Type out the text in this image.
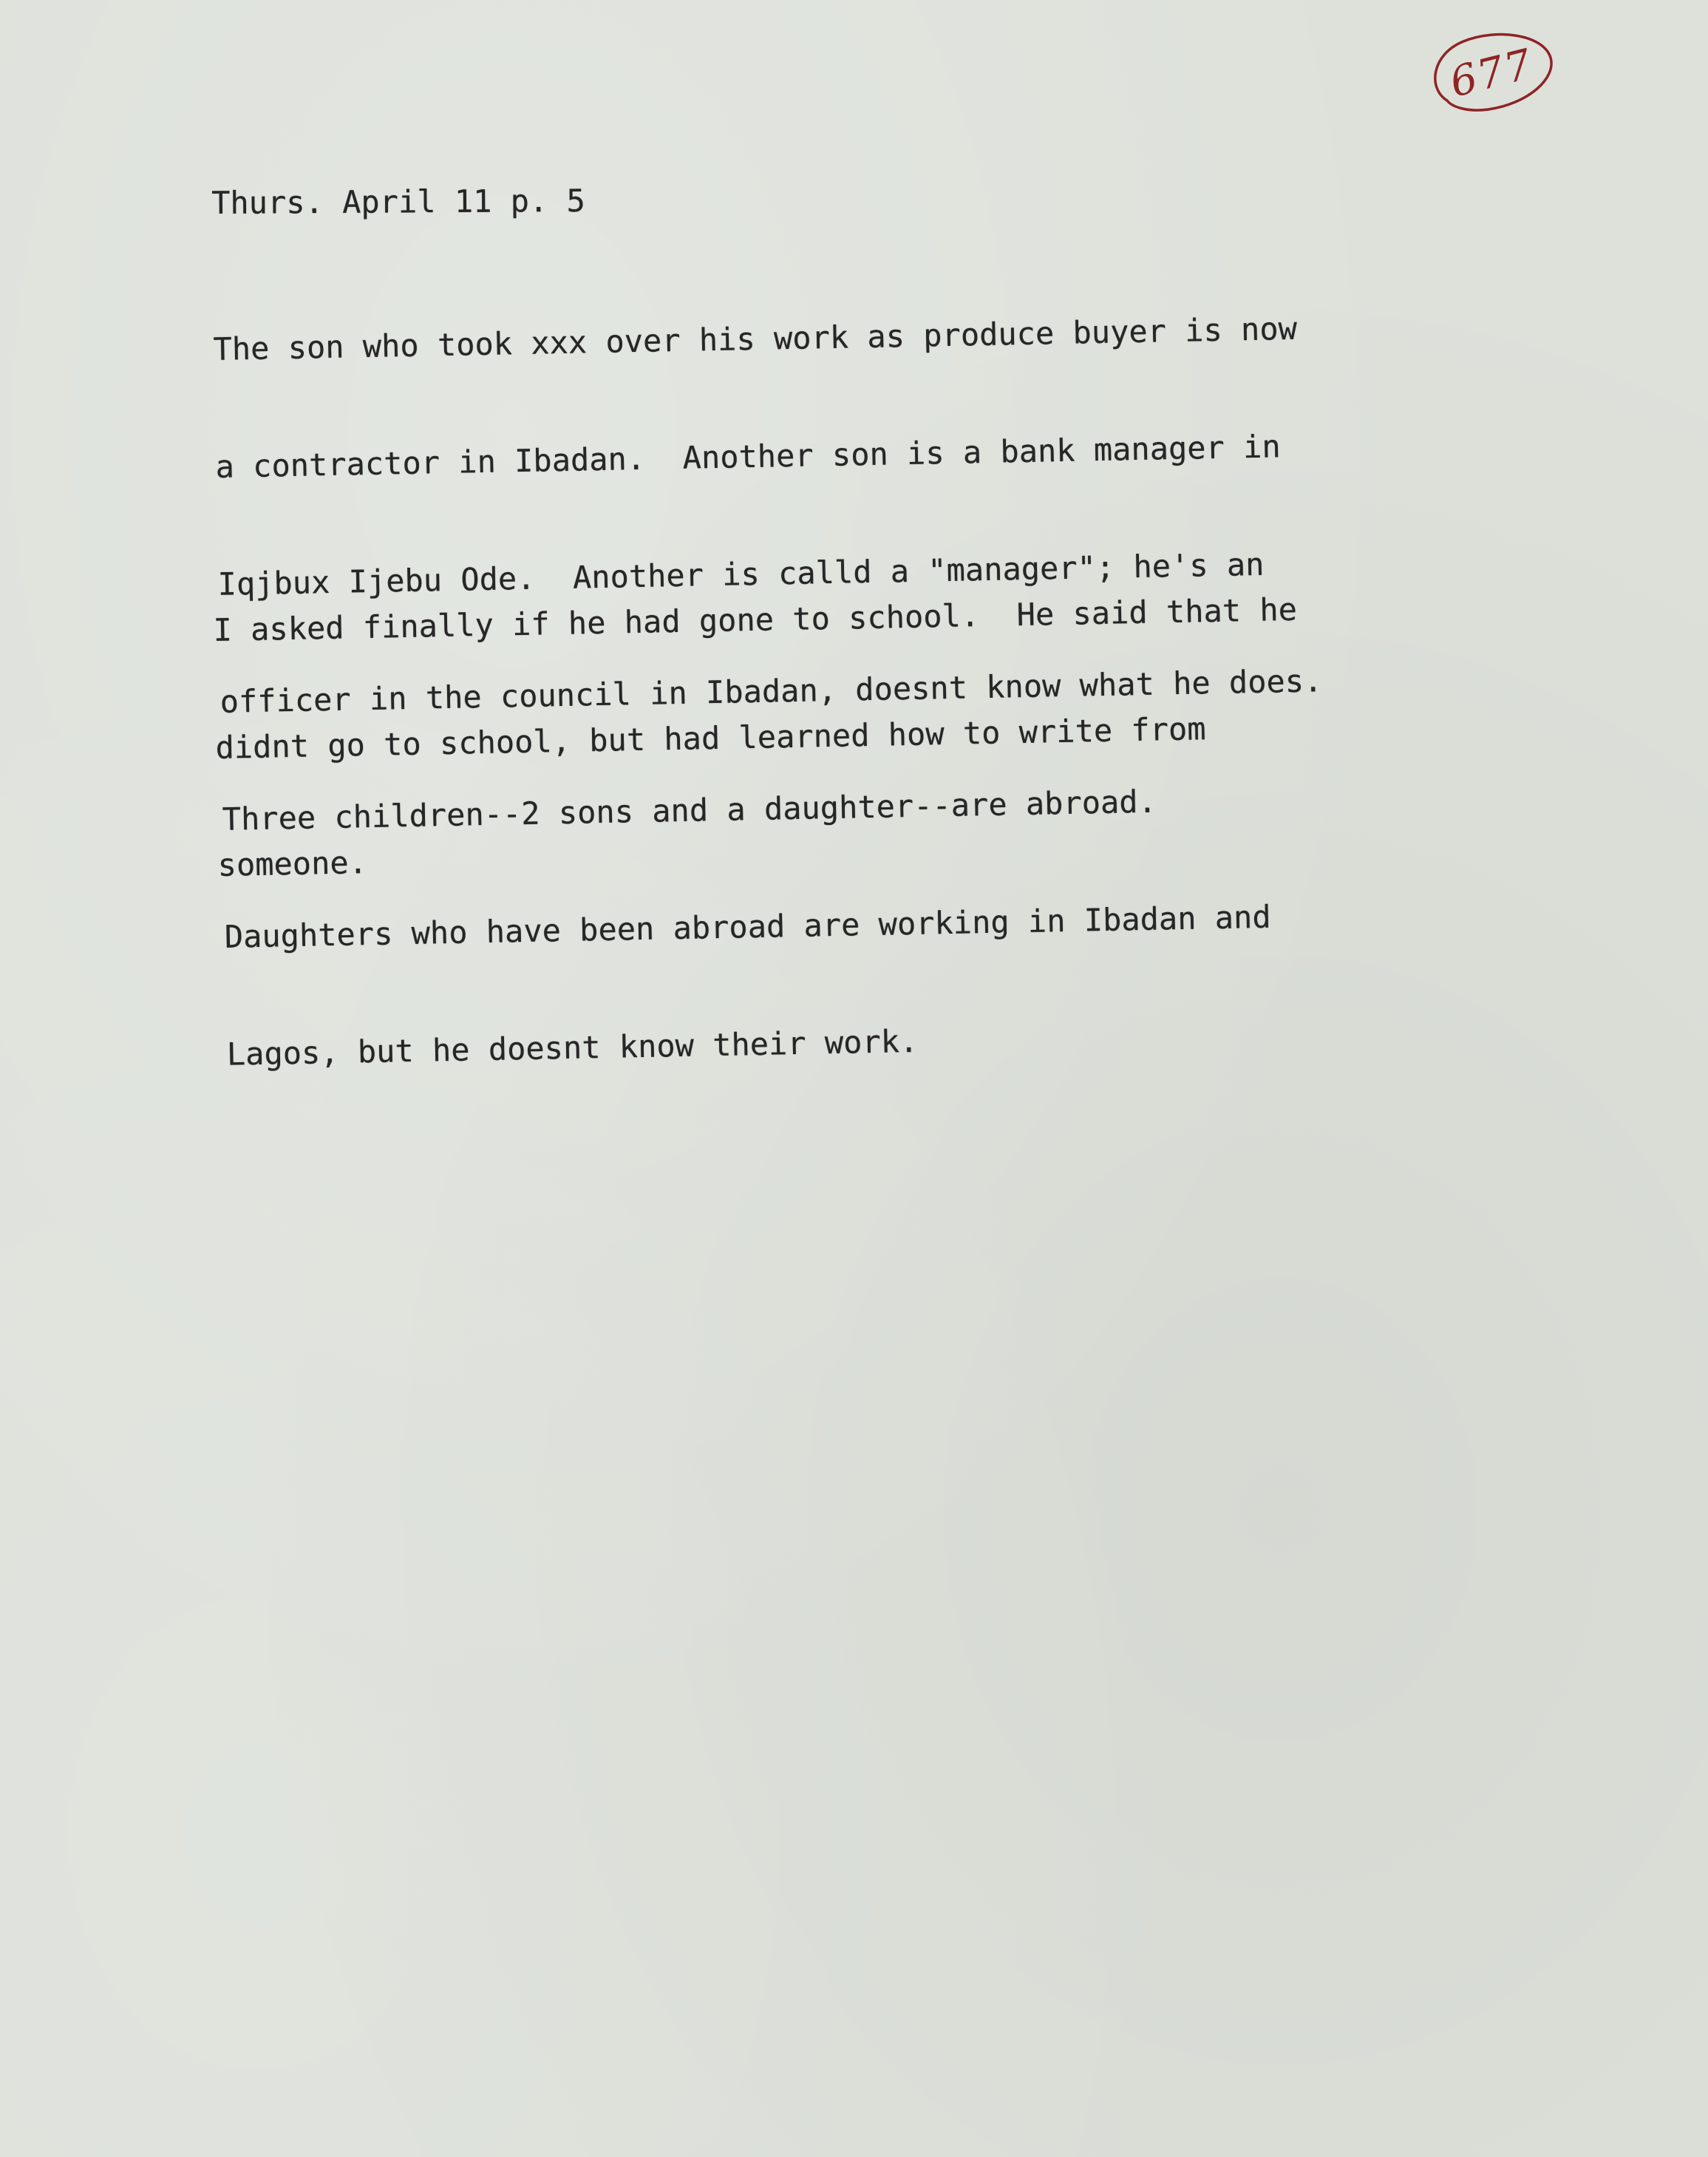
677
Thurs. April 11 p. 5

The son who took xxx over his work as produce buyer is now

a contractor in Ibadan.  Another son is a bank manager in

Iqjbux Ijebu Ode.  Another is calld a "manager"; he's an

officer in the council in Ibadan, doesnt know what he does.

Three children--2 sons and a daughter--are abroad.

Daughters who have been abroad are working in Ibadan and

Lagos, but he doesnt know their work.

I asked finally if he had gone to school.  He said that he

didnt go to school, but had learned how to write from

someone.
